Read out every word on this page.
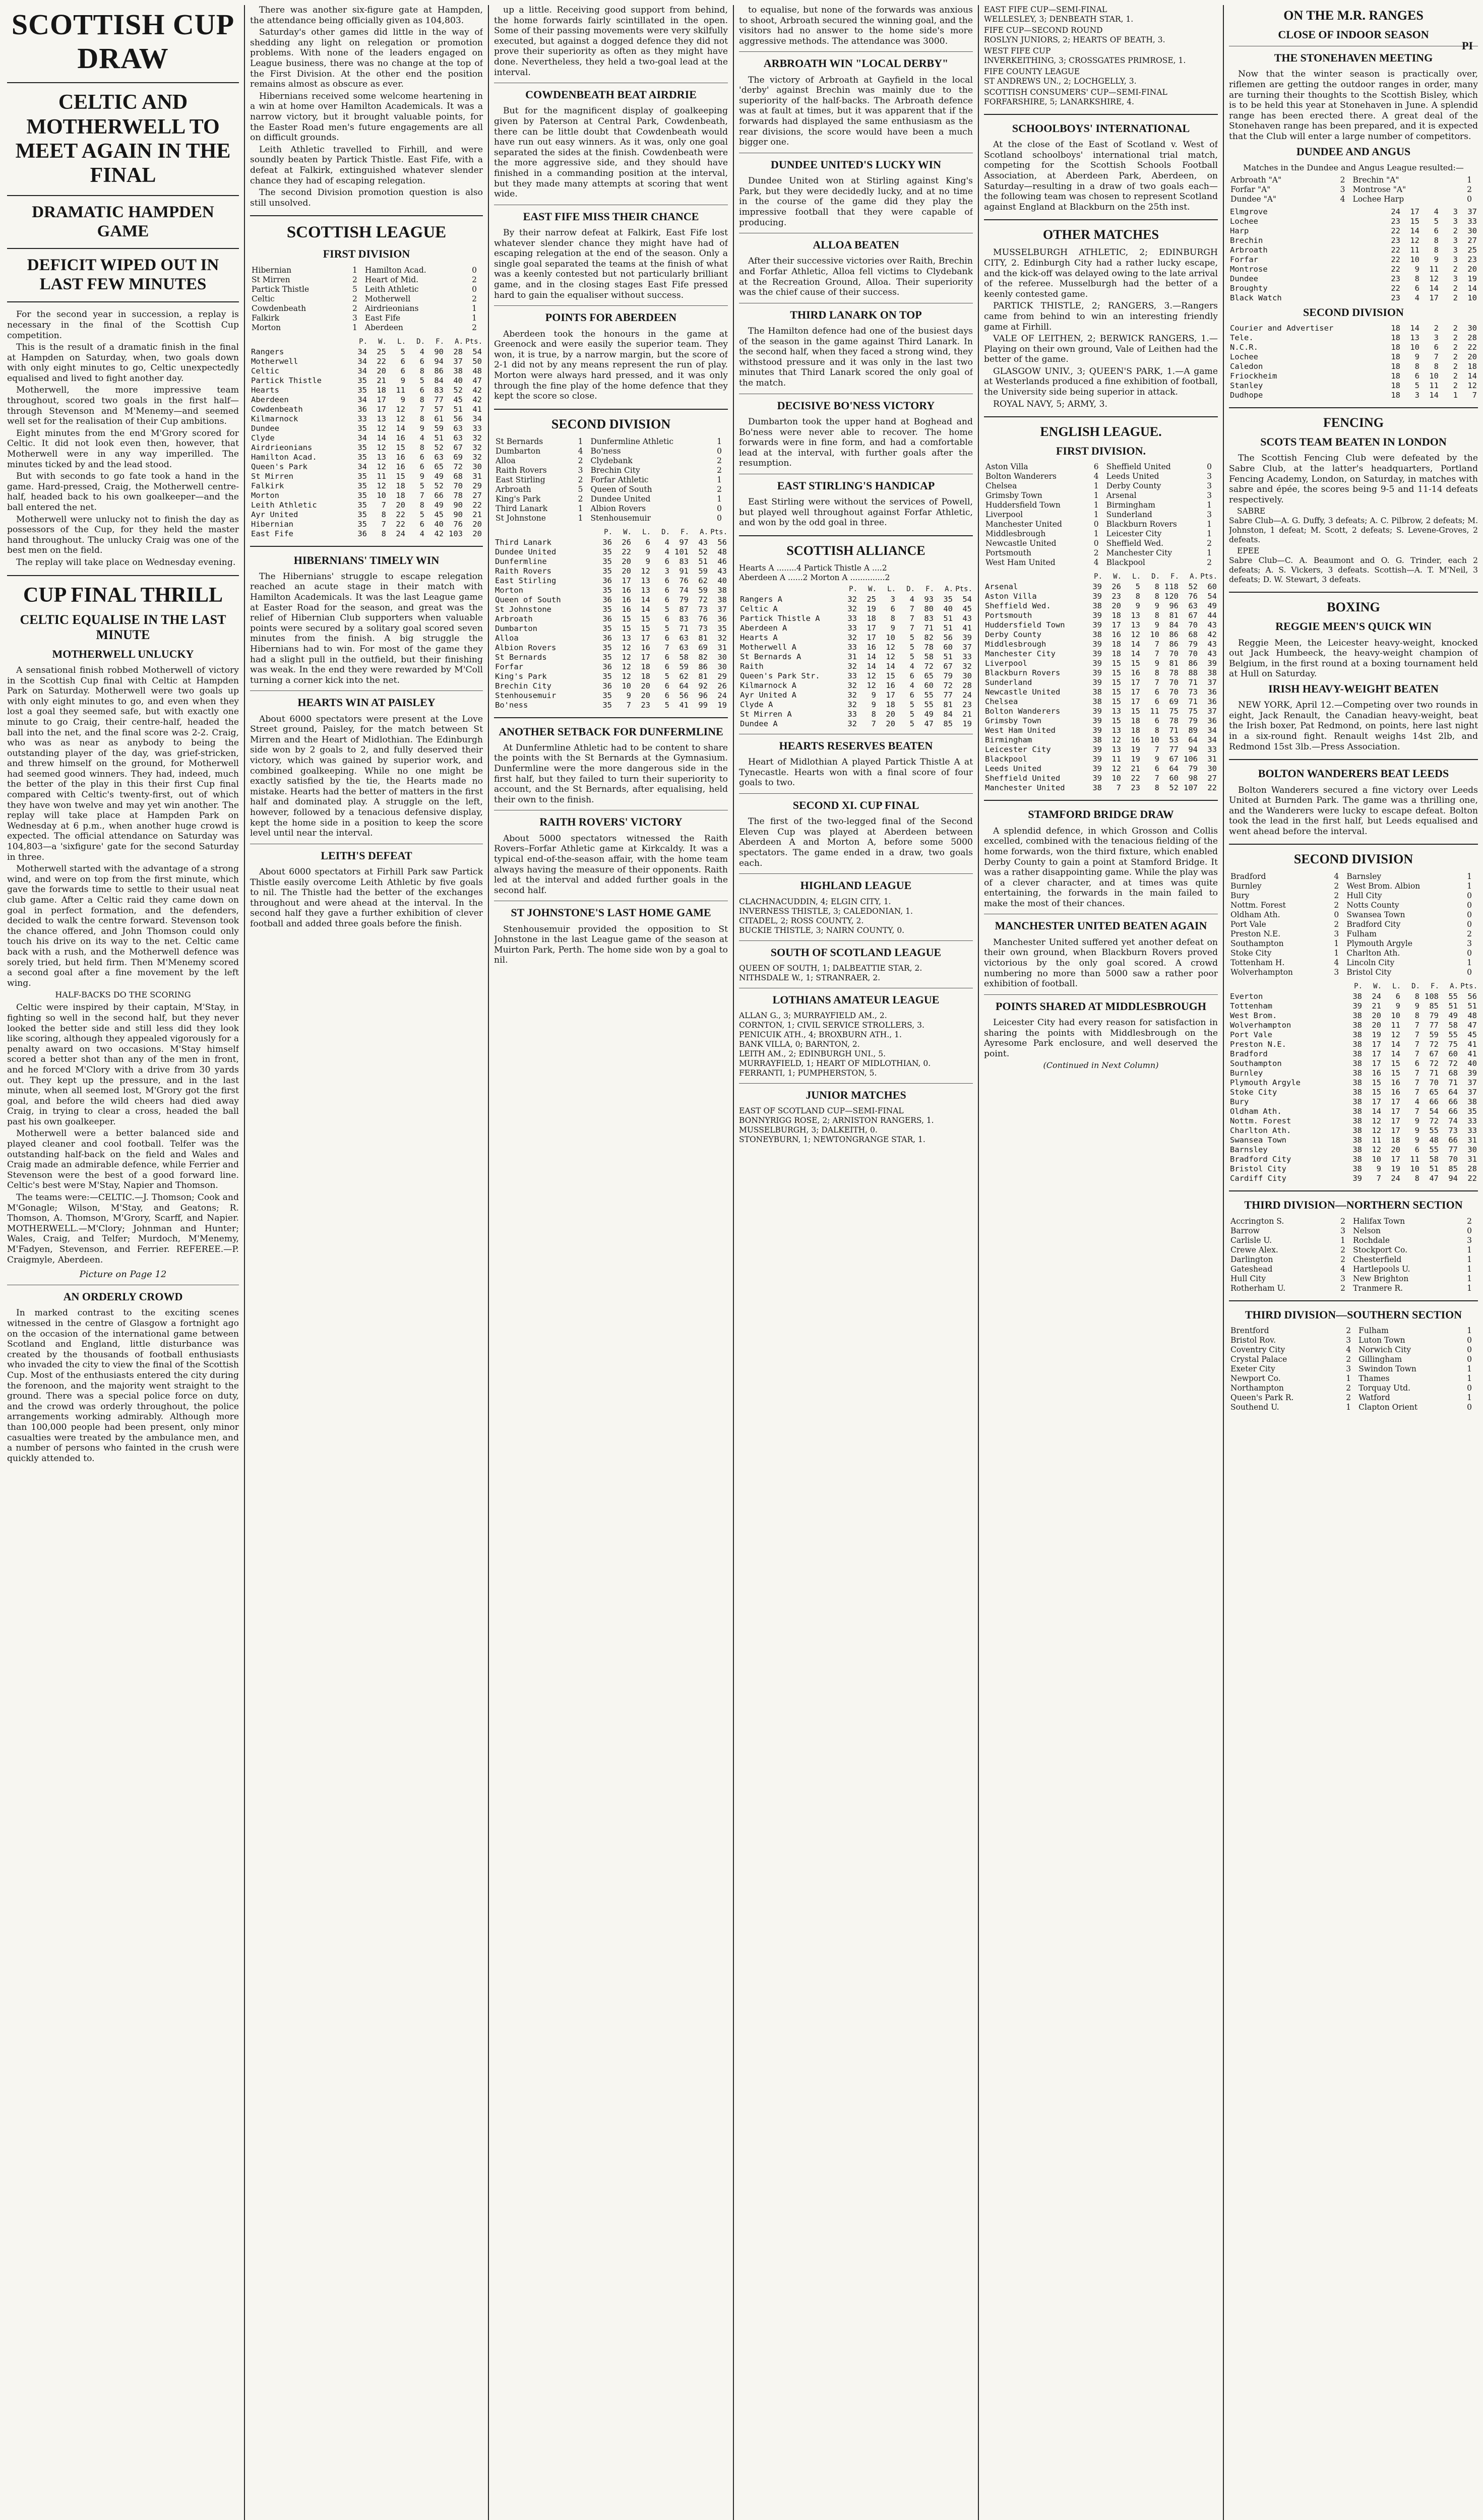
SCOTTISH CUP DRAW
CELTIC AND MOTHERWELL TO MEET AGAIN IN THE FINAL
DRAMATIC HAMPDEN GAME
DEFICIT WIPED OUT IN LAST FEW MINUTES

For the second year in succession, a replay is necessary in the final of the Scottish Cup competition.

This is the result of a dramatic finish in the final at Hampden on Saturday, when, two goals down with only eight minutes to go, Celtic unexpectedly equalised and lived to fight another day.

Motherwell, the more impressive team throughout, scored two goals in the first half—through Stevenson and M'Menemy—and seemed well set for the realisation of their Cup ambitions.

Eight minutes from the end M'Grory scored for Celtic. It did not look even then, however, that Motherwell were in any way imperilled. The minutes ticked by and the lead stood.

But with seconds to go fate took a hand in the game. Hard-pressed, Craig, the Motherwell centre-half, headed back to his own goalkeeper—and the ball entered the net.

Motherwell were unlucky not to finish the day as possessors of the Cup, for they held the master hand throughout. The unlucky Craig was one of the best men on the field.

The replay will take place on Wednesday evening.

CUP FINAL THRILL
CELTIC EQUALISE IN THE LAST MINUTE
MOTHERWELL UNLUCKY

A sensational finish robbed Motherwell of victory in the Scottish Cup final with Celtic at Hampden Park on Saturday. Motherwell were two goals up with only eight minutes to go, and even when they lost a goal they seemed safe, but with exactly one minute to go Craig, their centre-half, headed the ball into the net, and the final score was 2-2. Craig, who was as near as anybody to being the outstanding player of the day, was grief-stricken, and threw himself on the ground, for Motherwell had seemed good winners. They had, indeed, much the better of the play in this their first Cup final compared with Celtic's twenty-first, out of which they have won twelve and may yet win another. The replay will take place at Hampden Park on Wednesday at 6 p.m., when another huge crowd is expected. The official attendance on Saturday was 104,803—a 'sixfigure' gate for the second Saturday in three.

Motherwell started with the advantage of a strong wind, and were on top from the first minute, which gave the forwards time to settle to their usual neat club game. After a Celtic raid they came down on goal in perfect formation, and the defenders, decided to walk the centre forward. Stevenson took the chance offered, and John Thomson could only touch his drive on its way to the net. Celtic came back with a rush, and the Motherwell defence was sorely tried, but held firm. Then M'Menemy scored a second goal after a fine movement by the left wing.

HALF-BACKS DO THE SCORING

Celtic were inspired by their captain, M'Stay, in fighting so well in the second half, but they never looked the better side and still less did they look like scoring, although they appealed vigorously for a penalty award on two occasions. M'Stay himself scored a better shot than any of the men in front, and he forced M'Clory with a drive from 30 yards out. They kept up the pressure, and in the last minute, when all seemed lost, M'Grory got the first goal, and before the wild cheers had died away Craig, in trying to clear a cross, headed the ball past his own goalkeeper.

Motherwell were a better balanced side and played cleaner and cool football. Telfer was the outstanding half-back on the field and Wales and Craig made an admirable defence, while Ferrier and Stevenson were the best of a good forward line. Celtic's best were M'Stay, Napier and Thomson.

The teams were:—CELTIC.—J. Thomson; Cook and M'Gonagle; Wilson, M'Stay, and Geatons; R. Thomson, A. Thomson, M'Grory, Scarff, and Napier. MOTHERWELL.—M'Clory; Johnman and Hunter; Wales, Craig, and Telfer; Murdoch, M'Menemy, M'Fadyen, Stevenson, and Ferrier. REFEREE.—P. Craigmyle, Aberdeen.

Picture on Page 12
AN ORDERLY CROWD

In marked contrast to the exciting scenes witnessed in the centre of Glasgow a fortnight ago on the occasion of the international game between Scotland and England, little disturbance was created by the thousands of football enthusiasts who invaded the city to view the final of the Scottish Cup. Most of the enthusiasts entered the city during the forenoon, and the majority went straight to the ground. There was a special police force on duty, and the crowd was orderly throughout, the police arrangements working admirably. Although more than 100,000 people had been present, only minor casualties were treated by the ambulance men, and a number of persons who fainted in the crush were quickly attended to.

There was another six-figure gate at Hampden, the attendance being officially given as 104,803.

Saturday's other games did little in the way of shedding any light on relegation or promotion problems. With none of the leaders engaged on League business, there was no change at the top of the First Division. At the other end the position remains almost as obscure as ever.

Hibernians received some welcome heartening in a win at home over Hamilton Academicals. It was a narrow victory, but it brought valuable points, for the Easter Road men's future engagements are all on difficult grounds.

Leith Athletic travelled to Firhill, and were soundly beaten by Partick Thistle. East Fife, with a defeat at Falkirk, extinguished whatever slender chance they had of escaping relegation.

The second Division promotion question is also still unsolved.

SCOTTISH LEAGUE
FIRST DIVISION
Hibernian	1	Hamilton Acad.	0
St Mirren	2	Heart of Mid.	2
Partick Thistle	5	Leith Athletic	0
Celtic	2	Motherwell	2
Cowdenbeath	2	Airdrieonians	1
Falkirk	3	East Fife	1
Morton	1	Aberdeen	2
	P.	W.	L.	D.	F.	A.	Pts.
Rangers	34	25	5	4	90	28	54
Motherwell	34	22	6	6	94	37	50
Celtic	34	20	6	8	86	38	48
Partick Thistle	35	21	9	5	84	40	47
Hearts	35	18	11	6	83	52	42
Aberdeen	34	17	9	8	77	45	42
Cowdenbeath	36	17	12	7	57	51	41
Kilmarnock	33	13	12	8	61	56	34
Dundee	35	12	14	9	59	63	33
Clyde	34	14	16	4	51	63	32
Airdrieonians	35	12	15	8	52	67	32
Hamilton Acad.	35	13	16	6	63	69	32
Queen's Park	34	12	16	6	65	72	30
St Mirren	35	11	15	9	49	68	31
Falkirk	35	12	18	5	52	70	29
Morton	35	10	18	7	66	78	27
Leith Athletic	35	7	20	8	49	90	22
Ayr United	35	8	22	5	45	90	21
Hibernian	35	7	22	6	40	76	20
East Fife	36	8	24	4	42	103	20
HIBERNIANS' TIMELY WIN

The Hibernians' struggle to escape relegation reached an acute stage in their match with Hamilton Academicals. It was the last League game at Easter Road for the season, and great was the relief of Hibernian Club supporters when valuable points were secured by a solitary goal scored seven minutes from the finish. A big struggle the Hibernians had to win. For most of the game they had a slight pull in the outfield, but their finishing was weak. In the end they were rewarded by M'Coll turning a corner kick into the net.

HEARTS WIN AT PAISLEY

About 6000 spectators were present at the Love Street ground, Paisley, for the match between St Mirren and the Heart of Midlothian. The Edinburgh side won by 2 goals to 2, and fully deserved their victory, which was gained by superior work, and combined goalkeeping. While no one might be exactly satisfied by the tie, the Hearts made no mistake. Hearts had the better of matters in the first half and dominated play. A struggle on the left, however, followed by a tenacious defensive display, kept the home side in a position to keep the score level until near the interval.

LEITH'S DEFEAT

About 6000 spectators at Firhill Park saw Partick Thistle easily overcome Leith Athletic by five goals to nil. The Thistle had the better of the exchanges throughout and were ahead at the interval. In the second half they gave a further exhibition of clever football and added three goals before the finish.

up a little. Receiving good support from behind, the home forwards fairly scintillated in the open. Some of their passing movements were very skilfully executed, but against a dogged defence they did not prove their superiority as often as they might have done. Nevertheless, they held a two-goal lead at the interval.

COWDENBEATH BEAT AIRDRIE

But for the magnificent display of goalkeeping given by Paterson at Central Park, Cowdenbeath, there can be little doubt that Cowdenbeath would have run out easy winners. As it was, only one goal separated the sides at the finish. Cowdenbeath were the more aggressive side, and they should have finished in a commanding position at the interval, but they made many attempts at scoring that went wide.

EAST FIFE MISS THEIR CHANCE

By their narrow defeat at Falkirk, East Fife lost whatever slender chance they might have had of escaping relegation at the end of the season. Only a single goal separated the teams at the finish of what was a keenly contested but not particularly brilliant game, and in the closing stages East Fife pressed hard to gain the equaliser without success.

POINTS FOR ABERDEEN

Aberdeen took the honours in the game at Greenock and were easily the superior team. They won, it is true, by a narrow margin, but the score of 2-1 did not by any means represent the run of play. Morton were always hard pressed, and it was only through the fine play of the home defence that they kept the score so close.

SECOND DIVISION
St Bernards	1	Dunfermline Athletic	1
Dumbarton	4	Bo'ness	0
Alloa	2	Clydebank	2
Raith Rovers	3	Brechin City	2
East Stirling	2	Forfar Athletic	1
Arbroath	5	Queen of South	2
King's Park	2	Dundee United	1
Third Lanark	1	Albion Rovers	0
St Johnstone	1	Stenhousemuir	0
	P.	W.	L.	D.	F.	A.	Pts.
Third Lanark	36	26	6	4	97	43	56
Dundee United	35	22	9	4	101	52	48
Dunfermline	35	20	9	6	83	51	46
Raith Rovers	35	20	12	3	91	59	43
East Stirling	36	17	13	6	76	62	40
Morton	35	16	13	6	74	59	38
Queen of South	36	16	14	6	79	72	38
St Johnstone	35	16	14	5	87	73	37
Arbroath	36	15	15	6	83	76	36
Dumbarton	35	15	15	5	71	73	35
Alloa	36	13	17	6	63	81	32
Albion Rovers	35	12	16	7	63	69	31
St Bernards	35	12	17	6	58	82	30
Forfar	36	12	18	6	59	86	30
King's Park	35	12	18	5	62	81	29
Brechin City	36	10	20	6	64	92	26
Stenhousemuir	35	9	20	6	56	96	24
Bo'ness	35	7	23	5	41	99	19
ANOTHER SETBACK FOR DUNFERMLINE

At Dunfermline Athletic had to be content to share the points with the St Bernards at the Gymnasium. Dunfermline were the more dangerous side in the first half, but they failed to turn their superiority to account, and the St Bernards, after equalising, held their own to the finish.

RAITH ROVERS' VICTORY

About 5000 spectators witnessed the Raith Rovers–Forfar Athletic game at Kirkcaldy. It was a typical end-of-the-season affair, with the home team always having the measure of their opponents. Raith led at the interval and added further goals in the second half.

ST JOHNSTONE'S LAST HOME GAME

Stenhousemuir provided the opposition to St Johnstone in the last League game of the season at Muirton Park, Perth. The home side won by a goal to nil.

to equalise, but none of the forwards was anxious to shoot, Arbroath secured the winning goal, and the visitors had no answer to the home side's more aggressive methods. The attendance was 3000.

ARBROATH WIN "LOCAL DERBY"

The victory of Arbroath at Gayfield in the local 'derby' against Brechin was mainly due to the superiority of the half-backs. The Arbroath defence was at fault at times, but it was apparent that if the forwards had displayed the same enthusiasm as the rear divisions, the score would have been a much bigger one.

DUNDEE UNITED'S LUCKY WIN

Dundee United won at Stirling against King's Park, but they were decidedly lucky, and at no time in the course of the game did they play the impressive football that they were capable of producing.

ALLOA BEATEN

After their successive victories over Raith, Brechin and Forfar Athletic, Alloa fell victims to Clydebank at the Recreation Ground, Alloa. Their superiority was the chief cause of their success.

THIRD LANARK ON TOP

The Hamilton defence had one of the busiest days of the season in the game against Third Lanark. In the second half, when they faced a strong wind, they withstood pressure and it was only in the last two minutes that Third Lanark scored the only goal of the match.

DECISIVE BO'NESS VICTORY

Dumbarton took the upper hand at Boghead and Bo'ness were never able to recover. The home forwards were in fine form, and had a comfortable lead at the interval, with further goals after the resumption.

EAST STIRLING'S HANDICAP

East Stirling were without the services of Powell, but played well throughout against Forfar Athletic, and won by the odd goal in three.

SCOTTISH ALLIANCE

Hearts A ........4 Partick Thistle A ....2
Aberdeen A ......2 Morton A ..............2

	P.	W.	L.	D.	F.	A.	Pts.
Rangers A	32	25	3	4	93	35	54
Celtic A	32	19	6	7	80	40	45
Partick Thistle A	33	18	8	7	83	51	43
Aberdeen A	33	17	9	7	71	51	41
Hearts A	32	17	10	5	82	56	39
Motherwell A	33	16	12	5	78	60	37
St Bernards A	31	14	12	5	58	51	33
Raith	32	14	14	4	72	67	32
Queen's Park Str.	33	12	15	6	65	79	30
Kilmarnock A	32	12	16	4	60	72	28
Ayr United A	32	9	17	6	55	77	24
Clyde A	32	9	18	5	55	81	23
St Mirren A	33	8	20	5	49	84	21
Dundee A	32	7	20	5	47	85	19
HEARTS RESERVES BEATEN

Heart of Midlothian A played Partick Thistle A at Tynecastle. Hearts won with a final score of four goals to two.

SECOND XI. CUP FINAL

The first of the two-legged final of the Second Eleven Cup was played at Aberdeen between Aberdeen A and Morton A, before some 5000 spectators. The game ended in a draw, two goals each.

HIGHLAND LEAGUE

CLACHNACUDDIN, 4; ELGIN CITY, 1.
INVERNESS THISTLE, 3; CALEDONIAN, 1.
CITADEL, 2; ROSS COUNTY, 2.
BUCKIE THISTLE, 3; NAIRN COUNTY, 0.

SOUTH OF SCOTLAND LEAGUE

QUEEN OF SOUTH, 1; DALBEATTIE STAR, 2.
NITHSDALE W., 1; STRANRAER, 2.

LOTHIANS AMATEUR LEAGUE

ALLAN G., 3; MURRAYFIELD AM., 2.
CORNTON, 1; CIVIL SERVICE STROLLERS, 3.
PENICUIK ATH., 4; BROXBURN ATH., 1.
BANK VILLA, 0; BARNTON, 2.
LEITH AM., 2; EDINBURGH UNI., 5.
MURRAYFIELD, 1; HEART OF MIDLOTHIAN, 0.
FERRANTI, 1; PUMPHERSTON, 5.

JUNIOR MATCHES

EAST OF SCOTLAND CUP—SEMI-FINAL
BONNYRIGG ROSE, 2; ARNISTON RANGERS, 1.
MUSSELBURGH, 3; DALKEITH, 0.
STONEYBURN, 1; NEWTONGRANGE STAR, 1.

EAST FIFE CUP—SEMI-FINAL
WELLESLEY, 3; DENBEATH STAR, 1.

FIFE CUP—SECOND ROUND
ROSLYN JUNIORS, 2; HEARTS OF BEATH, 3.

WEST FIFE CUP
INVERKEITHING, 3; CROSSGATES PRIMROSE, 1.

FIFE COUNTY LEAGUE
ST ANDREWS UN., 2; LOCHGELLY, 3.

SCOTTISH CONSUMERS' CUP—SEMI-FINAL
FORFARSHIRE, 5; LANARKSHIRE, 4.

SCHOOLBOYS' INTERNATIONAL

At the close of the East of Scotland v. West of Scotland schoolboys' international trial match, competing for the Scottish Schools Football Association, at Aberdeen Park, Aberdeen, on Saturday—resulting in a draw of two goals each—the following team was chosen to represent Scotland against England at Blackburn on the 25th inst.

OTHER MATCHES

MUSSELBURGH ATHLETIC, 2; EDINBURGH CITY, 2. Edinburgh City had a rather lucky escape, and the kick-off was delayed owing to the late arrival of the referee. Musselburgh had the better of a keenly contested game.

PARTICK THISTLE, 2; RANGERS, 3.—Rangers came from behind to win an interesting friendly game at Firhill.

VALE OF LEITHEN, 2; BERWICK RANGERS, 1.—Playing on their own ground, Vale of Leithen had the better of the game.

GLASGOW UNIV., 3; QUEEN'S PARK, 1.—A game at Westerlands produced a fine exhibition of football, the University side being superior in attack.

ROYAL NAVY, 5; ARMY, 3.

ENGLISH LEAGUE.
FIRST DIVISION.
Aston Villa	6	Sheffield United	0
Bolton Wanderers	4	Leeds United	3
Chelsea	1	Derby County	3
Grimsby Town	1	Arsenal	3
Huddersfield Town	1	Birmingham	1
Liverpool	1	Sunderland	3
Manchester United	0	Blackburn Rovers	1
Middlesbrough	1	Leicester City	1
Newcastle United	0	Sheffield Wed.	2
Portsmouth	2	Manchester City	1
West Ham United	4	Blackpool	2
	P.	W.	L.	D.	F.	A.	Pts.
Arsenal	39	26	5	8	118	52	60
Aston Villa	39	23	8	8	120	76	54
Sheffield Wed.	38	20	9	9	96	63	49
Portsmouth	39	18	13	8	81	67	44
Huddersfield Town	39	17	13	9	84	70	43
Derby County	38	16	12	10	86	68	42
Middlesbrough	39	18	14	7	86	79	43
Manchester City	39	18	14	7	70	70	43
Liverpool	39	15	15	9	81	86	39
Blackburn Rovers	39	15	16	8	78	88	38
Sunderland	39	15	17	7	70	71	37
Newcastle United	38	15	17	6	70	73	36
Chelsea	38	15	17	6	69	71	36
Bolton Wanderers	39	13	15	11	75	75	37
Grimsby Town	39	15	18	6	78	79	36
West Ham United	39	13	18	8	71	89	34
Birmingham	38	12	16	10	53	64	34
Leicester City	39	13	19	7	77	94	33
Blackpool	39	11	19	9	67	106	31
Leeds United	39	12	21	6	64	79	30
Sheffield United	39	10	22	7	60	98	27
Manchester United	38	7	23	8	52	107	22
STAMFORD BRIDGE DRAW

A splendid defence, in which Grosson and Collis excelled, combined with the tenacious fielding of the home forwards, won the third fixture, which enabled Derby County to gain a point at Stamford Bridge. It was a rather disappointing game. While the play was of a clever character, and at times was quite entertaining, the forwards in the main failed to make the most of their chances.

MANCHESTER UNITED BEATEN AGAIN

Manchester United suffered yet another defeat on their own ground, when Blackburn Rovers proved victorious by the only goal scored. A crowd numbering no more than 5000 saw a rather poor exhibition of football.

POINTS SHARED AT MIDDLESBROUGH

Leicester City had every reason for satisfaction in sharing the points with Middlesbrough on the Ayresome Park enclosure, and well deserved the point.

(Continued in Next Column)
ON THE M.R. RANGES
CLOSE OF INDOOR SEASON
THE STONEHAVEN MEETING

Now that the winter season is practically over, riflemen are getting the outdoor ranges in order, many are turning their thoughts to the Scottish Bisley, which is to be held this year at Stonehaven in June. A splendid range has been erected there. A great deal of the Stonehaven range has been prepared, and it is expected that the Club will enter a large number of competitors.

DUNDEE AND ANGUS
Matches in the Dundee and Angus League resulted:—
Arbroath "A"	2	Brechin "A"	1
Forfar "A"	3	Montrose "A"	2
Dundee "A"	4	Lochee Harp	0
Elmgrove	24	17	4	3	37
Lochee	23	15	5	3	33
Harp	22	14	6	2	30
Brechin	23	12	8	3	27
Arbroath	22	11	8	3	25
Forfar	22	10	9	3	23
Montrose	22	9	11	2	20
Dundee	23	8	12	3	19
Broughty	22	6	14	2	14
Black Watch	23	4	17	2	10
SECOND DIVISION
Courier and Advertiser	18	14	2	2	30
Tele.	18	13	3	2	28
N.C.R.	18	10	6	2	22
Lochee	18	9	7	2	20
Caledon	18	8	8	2	18
Friockheim	18	6	10	2	14
Stanley	18	5	11	2	12
Dudhope	18	3	14	1	7
FENCING
SCOTS TEAM BEATEN IN LONDON

The Scottish Fencing Club were defeated by the Sabre Club, at the latter's headquarters, Portland Fencing Academy, London, on Saturday, in matches with sabre and épée, the scores being 9-5 and 11-14 defeats respectively.

SABRE
Sabre Club—A. G. Duffy, 3 defeats; A. C. Pilbrow, 2 defeats; M. Johnston, 1 defeat; M. Scott, 2 defeats; S. Levene-Groves, 2 defeats.

EPEE
Sabre Club—C. A. Beaumont and O. G. Trinder, each 2 defeats; A. S. Vickers, 3 defeats. Scottish—A. T. M'Neil, 3 defeats; D. W. Stewart, 3 defeats.

BOXING
REGGIE MEEN'S QUICK WIN

Reggie Meen, the Leicester heavy-weight, knocked out Jack Humbeeck, the heavy-weight champion of Belgium, in the first round at a boxing tournament held at Hull on Saturday.

IRISH HEAVY-WEIGHT BEATEN

NEW YORK, April 12.—Competing over two rounds in eight, Jack Renault, the Canadian heavy-weight, beat the Irish boxer, Pat Redmond, on points, here last night in a six-round fight. Renault weighs 14st 2lb, and Redmond 15st 3lb.—Press Association.

BOLTON WANDERERS BEAT LEEDS

Bolton Wanderers secured a fine victory over Leeds United at Burnden Park. The game was a thrilling one, and the Wanderers were lucky to escape defeat. Bolton took the lead in the first half, but Leeds equalised and went ahead before the interval.

SECOND DIVISION
Bradford	4	Barnsley	1
Burnley	2	West Brom. Albion	1
Bury	2	Hull City	0
Nottm. Forest	2	Notts County	0
Oldham Ath.	0	Swansea Town	0
Port Vale	2	Bradford City	0
Preston N.E.	3	Fulham	2
Southampton	1	Plymouth Argyle	3
Stoke City	1	Charlton Ath.	0
Tottenham H.	4	Lincoln City	1
Wolverhampton	3	Bristol City	0
	P.	W.	L.	D.	F.	A.	Pts.
Everton	38	24	6	8	108	55	56
Tottenham	39	21	9	9	85	51	51
West Brom.	38	20	10	8	79	49	48
Wolverhampton	38	20	11	7	77	58	47
Port Vale	38	19	12	7	59	55	45
Preston N.E.	38	17	14	7	72	75	41
Bradford	38	17	14	7	67	60	41
Southampton	38	17	15	6	72	72	40
Burnley	38	16	15	7	71	68	39
Plymouth Argyle	38	15	16	7	70	71	37
Stoke City	38	15	16	7	65	64	37
Bury	38	17	17	4	66	66	38
Oldham Ath.	38	14	17	7	54	66	35
Nottm. Forest	38	12	17	9	72	74	33
Charlton Ath.	38	12	17	9	55	73	33
Swansea Town	38	11	18	9	48	66	31
Barnsley	38	12	20	6	55	77	30
Bradford City	38	10	17	11	58	70	31
Bristol City	38	9	19	10	51	85	28
Cardiff City	39	7	24	8	47	94	22
THIRD DIVISION—NORTHERN SECTION
Accrington S.	2	Halifax Town	2
Barrow	3	Nelson	0
Carlisle U.	1	Rochdale	3
Crewe Alex.	2	Stockport Co.	1
Darlington	2	Chesterfield	1
Gateshead	4	Hartlepools U.	1
Hull City	3	New Brighton	1
Rotherham U.	2	Tranmere R.	1
THIRD DIVISION—SOUTHERN SECTION
Brentford	2	Fulham	1
Bristol Rov.	3	Luton Town	0
Coventry City	4	Norwich City	0
Crystal Palace	2	Gillingham	0
Exeter City	3	Swindon Town	1
Newport Co.	1	Thames	1
Northampton	2	Torquay Utd.	0
Queen's Park R.	2	Watford	1
Southend U.	1	Clapton Orient	0
PI
